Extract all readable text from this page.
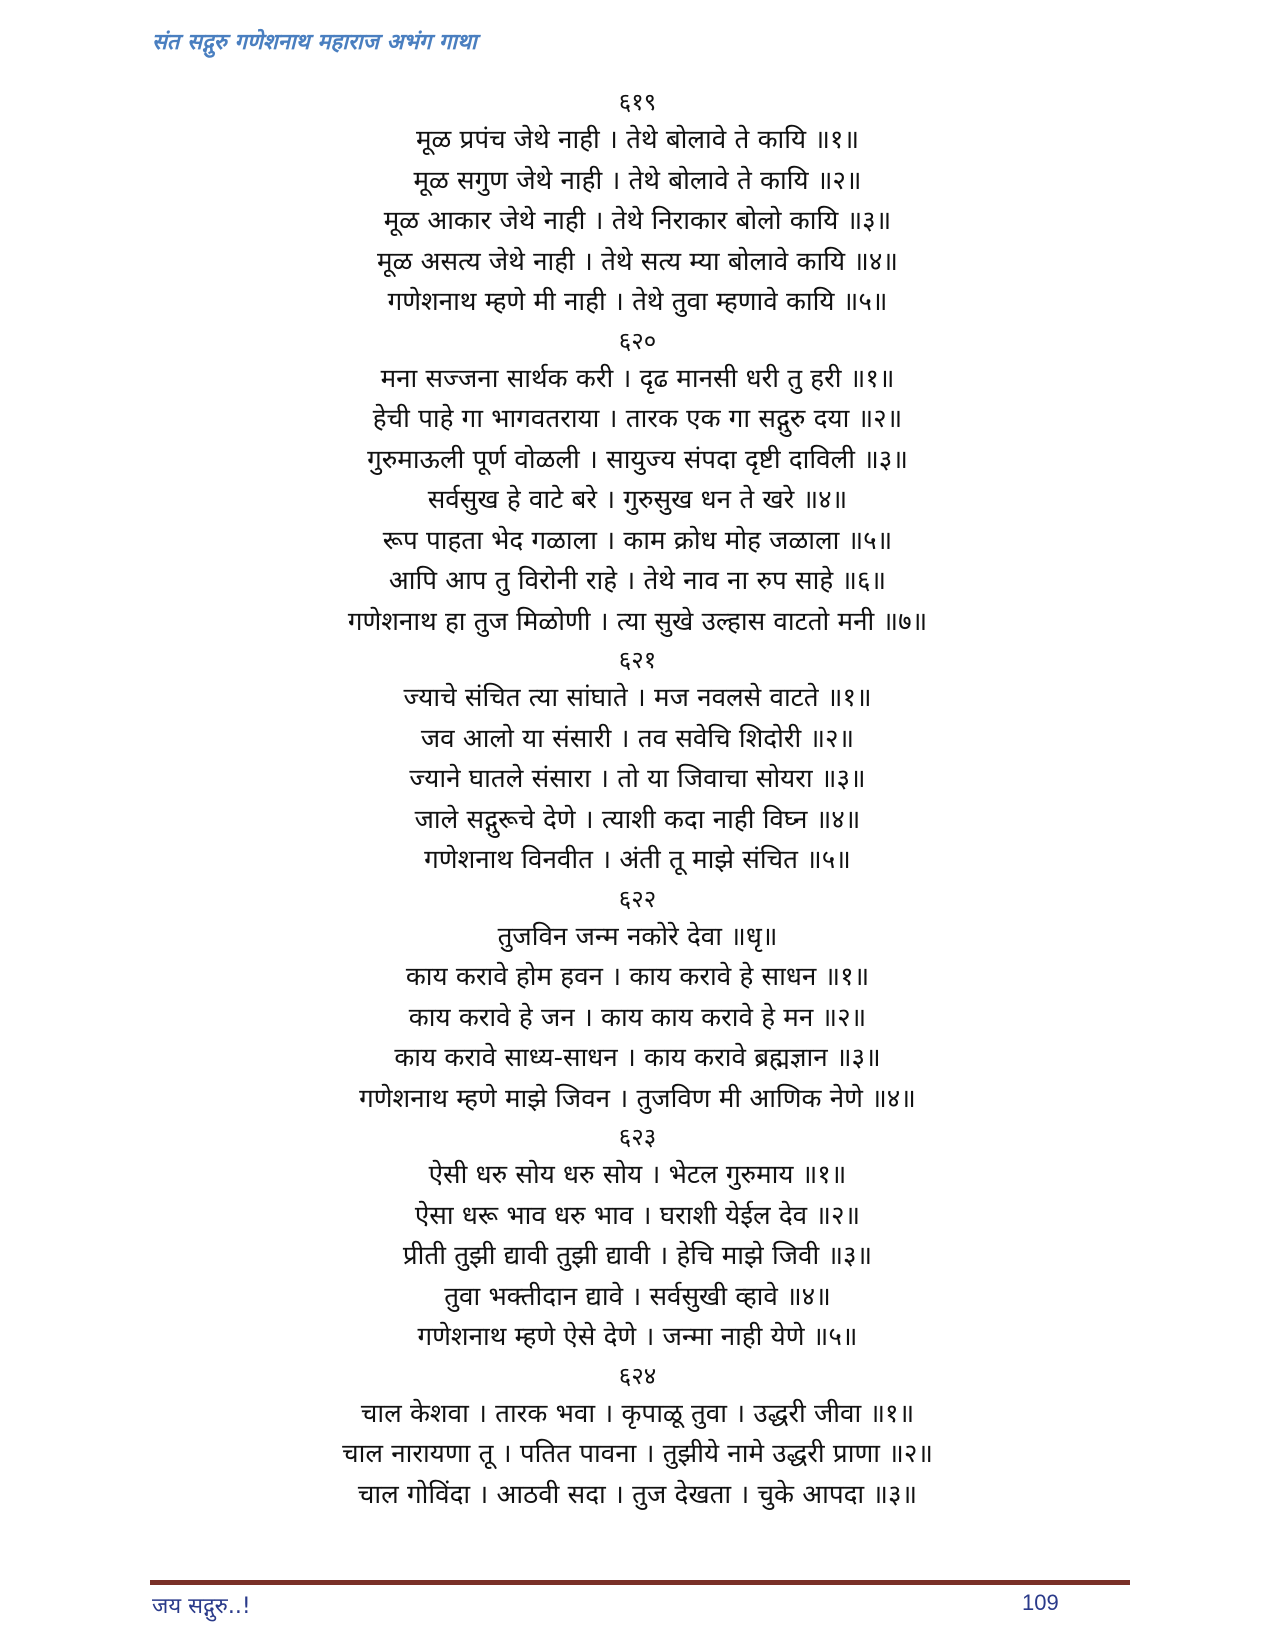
संत सद्गुरु गणेशनाथ महाराज अभंग गाथा
६१९
मूळ प्रपंच जेथे नाही । तेथे बोलावे ते कायि ॥१॥
मूळ सगुण जेथे नाही । तेथे बोलावे ते कायि ॥२॥
मूळ आकार जेथे नाही । तेथे निराकार बोलो कायि ॥३॥
मूळ असत्य जेथे नाही । तेथे सत्य म्या बोलावे कायि ॥४॥
गणेशनाथ म्हणे मी नाही । तेथे तुवा म्हणावे कायि ॥५॥
६२०
मना सज्जना सार्थक करी । दृढ मानसी धरी तु हरी ॥१॥
हेची पाहे गा भागवतराया । तारक एक गा सद्गुरु दया ॥२॥
गुरुमाऊली पूर्ण वोळली । सायुज्य संपदा दृष्टी दाविली ॥३॥
सर्वसुख हे वाटे बरे । गुरुसुख धन ते खरे ॥४॥
रूप पाहता भेद गळाला । काम क्रोध मोह जळाला ॥५॥
आपि आप तु विरोनी राहे । तेथे नाव ना रुप साहे ॥६॥
गणेशनाथ हा तुज मिळोणी । त्या सुखे उल्हास वाटतो मनी ॥७॥
६२१
ज्याचे संचित त्या सांघाते । मज नवलसे वाटते ॥१॥
जव आलो या संसारी । तव सवेचि शिदोरी ॥२॥
ज्याने घातले संसारा । तो या जिवाचा सोयरा ॥३॥
जाले सद्गुरूचे देणे । त्याशी कदा नाही विघ्न ॥४॥
गणेशनाथ विनवीत । अंती तू माझे संचित ॥५॥
६२२
तुजविन जन्म नकोरे देवा ॥धृ॥
काय करावे होम हवन । काय करावे हे साधन ॥१॥
काय करावे हे जन । काय काय करावे हे मन ॥२॥
काय करावे साध्य-साधन । काय करावे ब्रह्मज्ञान ॥३॥
गणेशनाथ म्हणे माझे जिवन । तुजविण मी आणिक नेणे ॥४॥
६२३
ऐसी धरु सोय धरु सोय । भेटल गुरुमाय ॥१॥
ऐसा धरू भाव धरु भाव । घराशी येईल देव ॥२॥
प्रीती तुझी द्यावी तुझी द्यावी । हेचि माझे जिवी ॥३॥
तुवा भक्तीदान द्यावे । सर्वसुखी व्हावे ॥४॥
गणेशनाथ म्हणे ऐसे देणे । जन्मा नाही येणे ॥५॥
६२४
चाल केशवा । तारक भवा । कृपाळू तुवा । उद्धरी जीवा ॥१॥
चाल नारायणा तू । पतित पावना । तुझीये नामे उद्धरी प्राणा ॥२॥
चाल गोविंदा । आठवी सदा । तुज देखता । चुके आपदा ॥३॥
जय सद्गुरु..!	109
